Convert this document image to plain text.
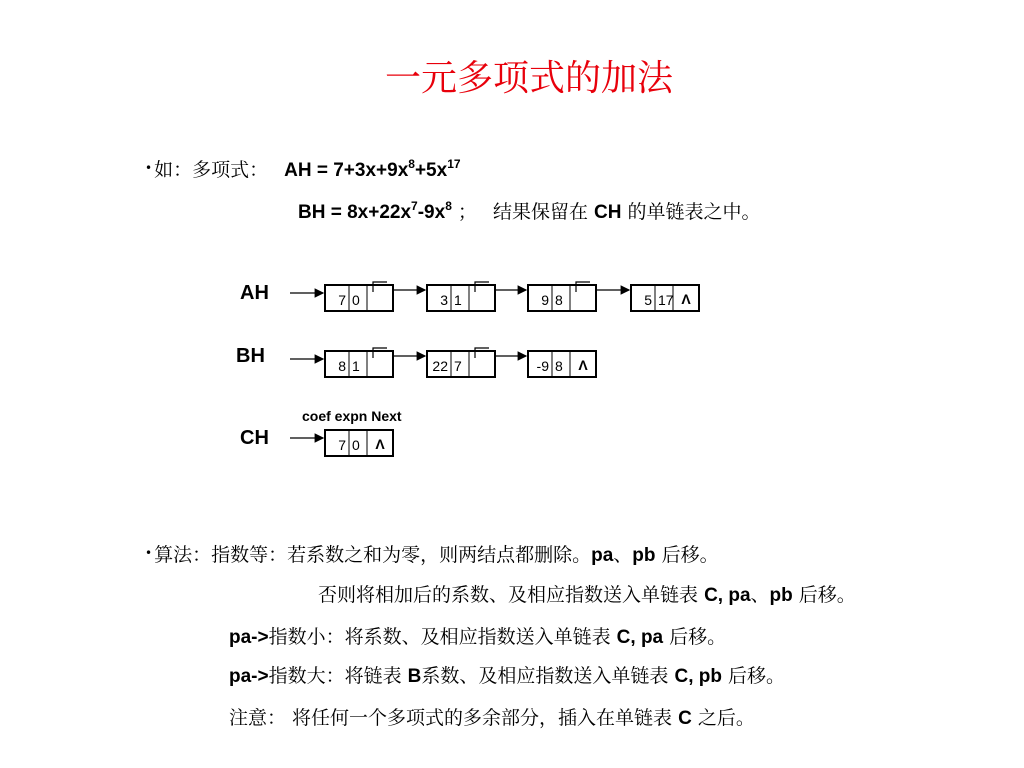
一元多项式的加法
• 如：多项式： AH = $7+3x+9x^8+5x^{17}$
BH = $8x+22x^7-9x^8$ ； 结果保留在 CH 的单链表之中。
7 0	3 1	9 8	5 17 Λ
8 1	22 7	-9 8 Λ
7 0 Λ
coef expn Next
AH
BH
CH
• 算法：指数等：若系数之和为零，则两结点都删除。pa、pb 后移。
否则将相加后的系数、及相应指数送入单链表 C, pa、pb 后移。
pa->指数小：将系数、及相应指数送入单链表 C, pa 后移。
pa->指数大：将链表 B系数、及相应指数送入单链表 C, pb 后移。
注意： 将任何一个多项式的多余部分，插入在单链表 C 之后。
